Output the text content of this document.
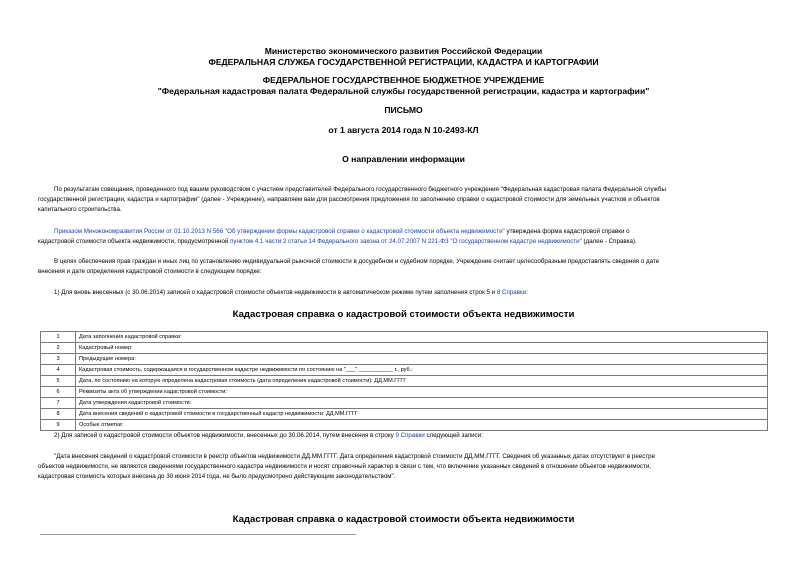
Министерство экономического развития Российской Федерации
ФЕДЕРАЛЬНАЯ СЛУЖБА ГОСУДАРСТВЕННОЙ РЕГИСТРАЦИИ, КАДАСТРА И КАРТОГРАФИИ
ФЕДЕРАЛЬНОЕ ГОСУДАРСТВЕННОЕ БЮДЖЕТНОЕ УЧРЕЖДЕНИЕ
"Федеральная кадастровая палата Федеральной службы государственной регистрации, кадастра и картографии"
ПИСЬМО
от 1 августа 2014 года N 10-2493-КЛ
О направлении информации
По результатам совещания, проведенного под вашим руководством с участием представителей Федерального государственного бюджетного учреждения "Федеральная кадастровая палата Федеральной службы
государственной регистрации, кадастра и картографии" (далее - Учреждение), направляем вам для рассмотрения предложения по заполнению справки о кадастровой стоимости для земельных участков и объектов
капитального строительства.
Приказом Минэкономразвития России от 01.10.2013 N 566 "Об утверждении формы кадастровой справки о кадастровой стоимости объекта недвижимости" утверждена форма кадастровой справки о
кадастровой стоимости объекта недвижимости, предусмотренной пунктом 4.1 части 2 статьи 14 Федерального закона от 24.07.2007 N 221-ФЗ "О государственном кадастре недвижимости" (далее - Справка).
В целях обеспечения прав граждан и иных лиц по установлению индивидуальной рыночной стоимости в досудебном и судебном порядке, Учреждение считает целесообразным предоставлять сведения о дате
внесения и дате определения кадастровой стоимости в следующем порядке:
1) Для вновь внесенных (с 30.06.2014) записей о кадастровой стоимости объектов недвижимости в автоматическом режиме путем заполнения строк 5 и 8 Справки:
Кадастровая справка о кадастровой стоимости объекта недвижимости
1	Дата заполнения кадастровой справки:
2	Кадастровый номер:
3	Предыдущие номера:
4	Кадастровая стоимость, содержащаяся в государственном кадастре недвижимости по состоянию на "___" ___________ г., руб.:
5	Дата, по состоянию на которую определена кадастровая стоимость (дата определения кадастровой стоимости): ДД.ММ.ГГГГ
6	Реквизиты акта об утверждении кадастровой стоимости:
7	Дата утверждения кадастровой стоимости:
8	Дата внесения сведений о кадастровой стоимости в государственный кадастр недвижимости: ДД.ММ.ГГГГ
9	Особые отметки:
2) Для записей о кадастровой стоимости объектов недвижимости, внесенных до 30.06.2014, путем внесения в строку 9 Справки следующей записи:
"Дата внесения сведений о кадастровой стоимости в реестр объектов недвижимости ДД.ММ.ГГГГ. Дата определения кадастровой стоимости ДД.ММ.ГГГГ. Сведения об указанных датах отсутствуют в реестре
объектов недвижимости, не являются сведениями государственного кадастра недвижимости и носят справочный характер в связи с тем, что включение указанных сведений в отношении объектов недвижимости,
кадастровая стоимость которых внесена до 30 июня 2014 года, не было предусмотрено действующим законодательством".
Кадастровая справка о кадастровой стоимости объекта недвижимости
